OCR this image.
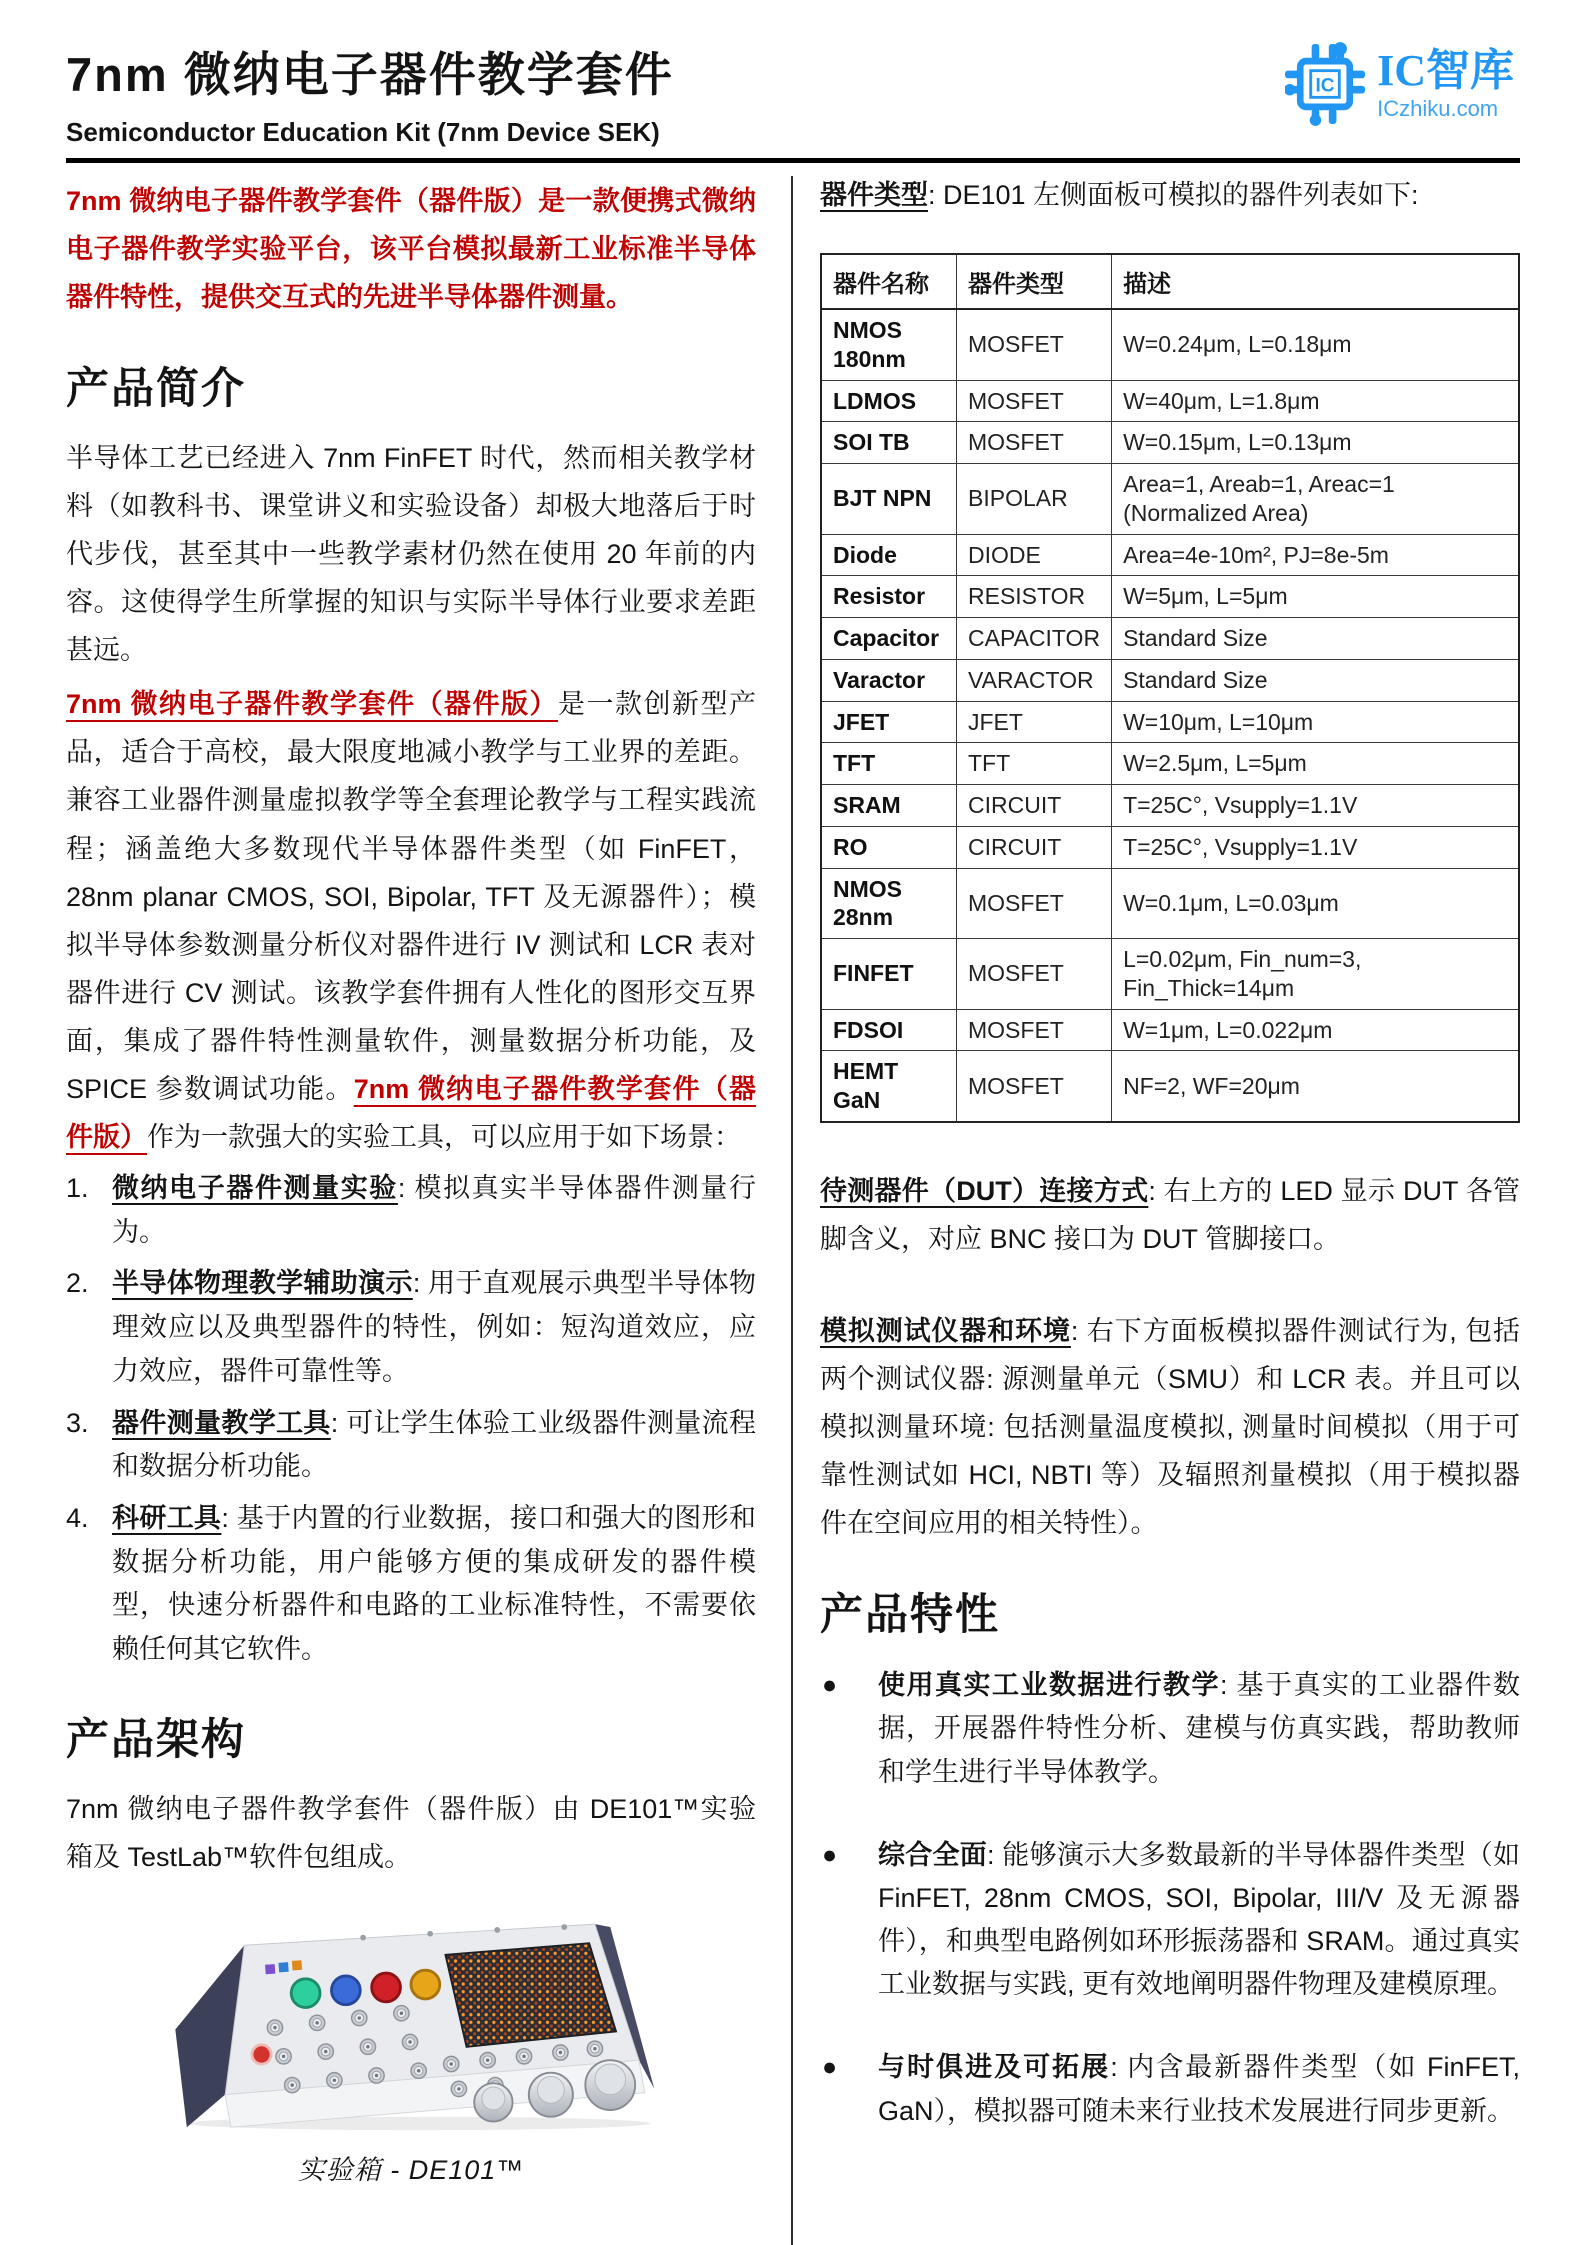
7nm 微纳电子器件教学套件
Semiconductor Education Kit (7nm Device SEK)
IC IC智库
ICzhiku.com

7nm 微纳电子器件教学套件（器件版）是一款便携式微纳电子器件教学实验平台，该平台模拟最新工业标准半导体器件特性，提供交互式的先进半导体器件测量。

产品简介

半导体工艺已经进入 7nm FinFET 时代，然而相关教学材料（如教科书、课堂讲义和实验设备）却极大地落后于时代步伐，甚至其中一些教学素材仍然在使用 20 年前的内容。这使得学生所掌握的知识与实际半导体行业要求差距甚远。

7nm 微纳电子器件教学套件（器件版）是一款创新型产品，适合于高校，最大限度地减小教学与工业界的差距。兼容工业器件测量虚拟教学等全套理论教学与工程实践流程；涵盖绝大多数现代半导体器件类型（如 FinFET，28nm planar CMOS, SOI, Bipolar, TFT 及无源器件）；模拟半导体参数测量分析仪对器件进行 IV 测试和 LCR 表对器件进行 CV 测试。该教学套件拥有人性化的图形交互界面，集成了器件特性测量软件，测量数据分析功能，及 SPICE 参数调试功能。7nm 微纳电子器件教学套件（器件版）作为一款强大的实验工具，可以应用于如下场景：

1. 微纳电子器件测量实验: 模拟真实半导体器件测量行为。
2. 半导体物理教学辅助演示: 用于直观展示典型半导体物理效应以及典型器件的特性，例如：短沟道效应，应力效应，器件可靠性等。
3. 器件测量教学工具: 可让学生体验工业级器件测量流程和数据分析功能。
4. 科研工具: 基于内置的行业数据，接口和强大的图形和数据分析功能，用户能够方便的集成研发的器件模型，快速分析器件和电路的工业标准特性，不需要依赖任何其它软件。
产品架构

7nm 微纳电子器件教学套件（器件版）由 DE101™实验箱及 TestLab™软件包组成。

实验箱 - DE101™

器件类型: DE101 左侧面板可模拟的器件列表如下:

器件名称	器件类型	描述
NMOS 180nm	MOSFET	W=0.24μm, L=0.18μm
LDMOS	MOSFET	W=40μm, L=1.8μm
SOI TB	MOSFET	W=0.15μm, L=0.13μm
BJT NPN	BIPOLAR	Area=1, Areab=1, Areac=1 (Normalized Area)
Diode	DIODE	Area=4e-10m², PJ=8e-5m
Resistor	RESISTOR	W=5μm, L=5μm
Capacitor	CAPACITOR	Standard Size
Varactor	VARACTOR	Standard Size
JFET	JFET	W=10μm, L=10μm
TFT	TFT	W=2.5μm, L=5μm
SRAM	CIRCUIT	T=25C°, Vsupply=1.1V
RO	CIRCUIT	T=25C°, Vsupply=1.1V
NMOS 28nm	MOSFET	W=0.1μm, L=0.03μm
FINFET	MOSFET	L=0.02μm, Fin_num=3, Fin_Thick=14μm
FDSOI	MOSFET	W=1μm, L=0.022μm
HEMT GaN	MOSFET	NF=2, WF=20μm

待测器件（DUT）连接方式: 右上方的 LED 显示 DUT 各管脚含义，对应 BNC 接口为 DUT 管脚接口。

模拟测试仪器和环境: 右下方面板模拟器件测试行为, 包括两个测试仪器: 源测量单元（SMU）和 LCR 表。并且可以模拟测量环境: 包括测量温度模拟, 测量时间模拟（用于可靠性测试如 HCI, NBTI 等）及辐照剂量模拟（用于模拟器件在空间应用的相关特性）。

产品特性
● 使用真实工业数据进行教学: 基于真实的工业器件数据，开展器件特性分析、建模与仿真实践，帮助教师和学生进行半导体教学。
● 综合全面: 能够演示大多数最新的半导体器件类型（如 FinFET, 28nm CMOS, SOI, Bipolar, III/V 及无源器件），和典型电路例如环形振荡器和 SRAM。通过真实工业数据与实践, 更有效地阐明器件物理及建模原理。
● 与时俱进及可拓展: 内含最新器件类型（如 FinFET, GaN），模拟器可随未来行业技术发展进行同步更新。
